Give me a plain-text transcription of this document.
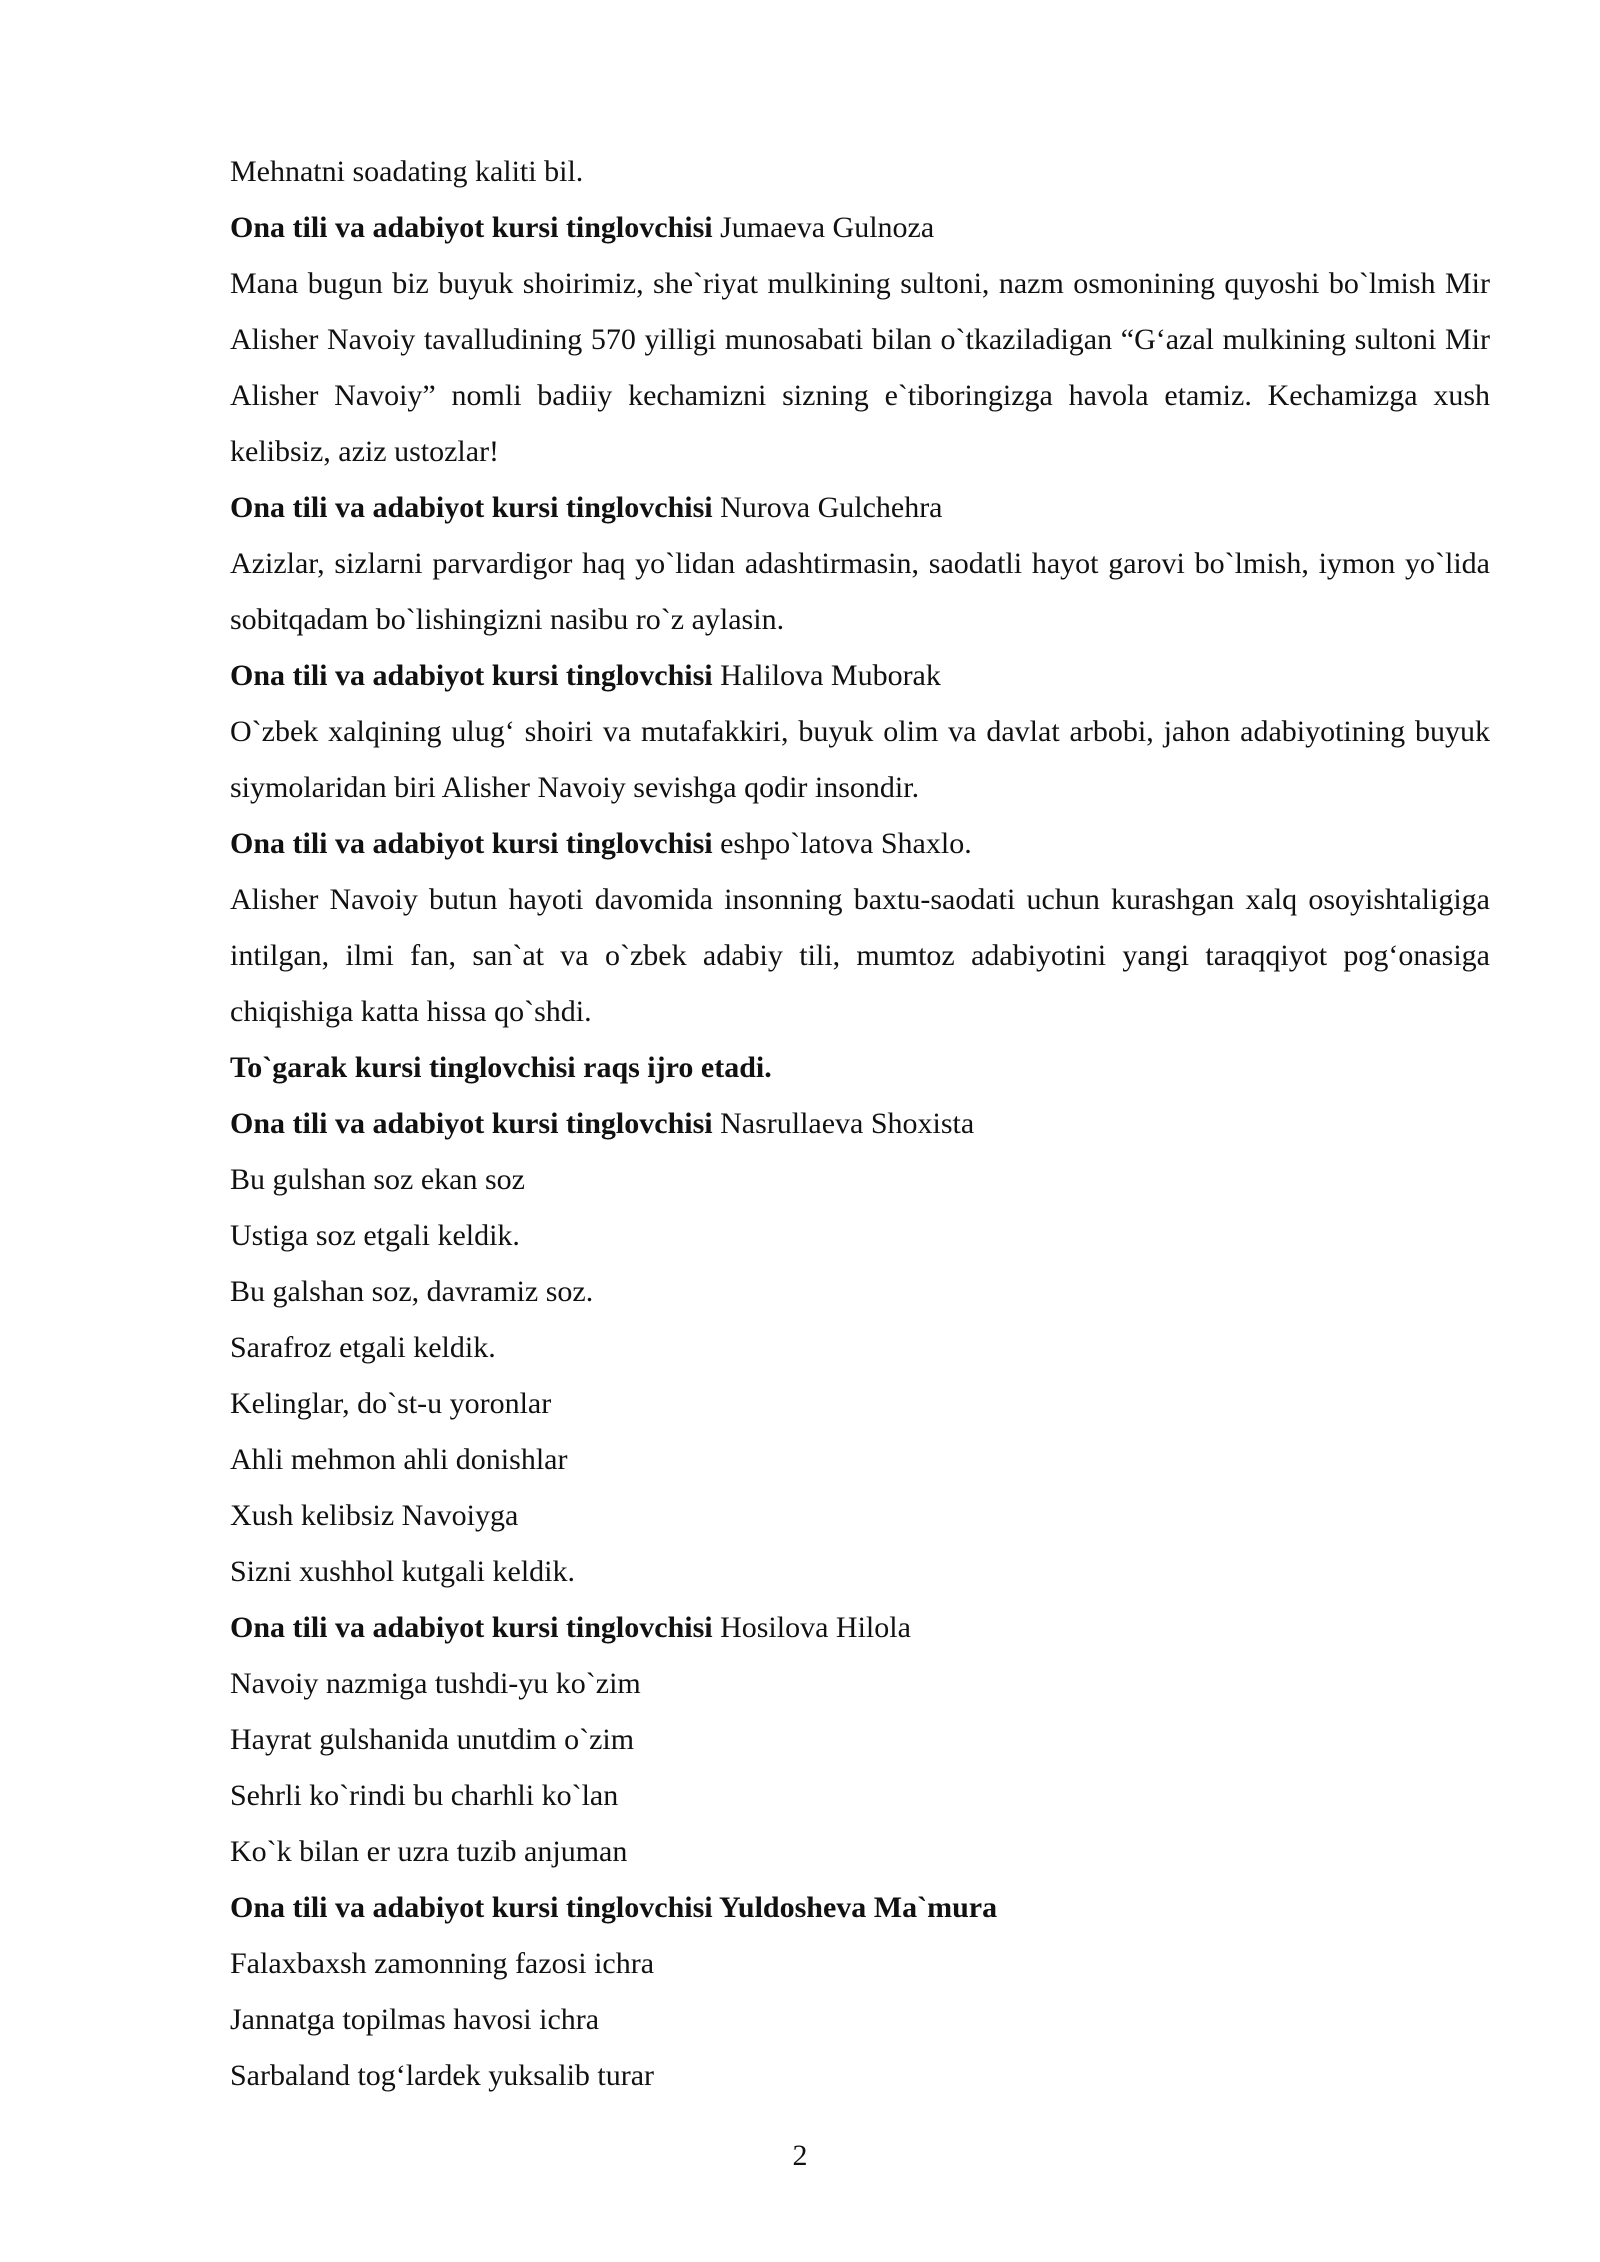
Mehnatni soadating kaliti bil.

Ona tili va adabiyot kursi tinglovchisi Jumaeva Gulnoza

Mana bugun biz buyuk shoirimiz, she`riyat mulkining sultoni, nazm osmonining quyoshi bo`lmish Mir Alisher Navoiy tavalludining 570 yilligi munosabati bilan o`tkaziladigan “G‘azal mulkining sultoni Mir Alisher Navoiy” nomli badiiy kechamizni sizning e`tiboringizga havola etamiz. Kechamizga xush kelibsiz, aziz ustozlar!

Ona tili va adabiyot kursi tinglovchisi Nurova Gulchehra

Azizlar, sizlarni parvardigor haq yo`lidan adashtirmasin, saodatli hayot garovi bo`lmish, iymon yo`lida sobitqadam bo`lishingizni nasibu ro`z aylasin.

Ona tili va adabiyot kursi tinglovchisi Halilova Muborak

O`zbek xalqining ulug‘ shoiri va mutafakkiri, buyuk olim va davlat arbobi, jahon adabiyotining buyuk siymolaridan biri Alisher Navoiy sevishga qodir insondir.

Ona tili va adabiyot kursi tinglovchisi eshpo`latova Shaxlo.

Alisher Navoiy butun hayoti davomida insonning baxtu-saodati uchun kurashgan xalq osoyishtaligiga intilgan, ilmi fan, san`at va o`zbek adabiy tili, mumtoz adabiyotini yangi taraqqiyot pog‘onasiga chiqishiga katta hissa qo`shdi.

To`garak kursi tinglovchisi raqs ijro etadi.

Ona tili va adabiyot kursi tinglovchisi Nasrullaeva Shoxista

Bu gulshan soz ekan soz

Ustiga soz etgali keldik.

Bu galshan soz, davramiz soz.

Sarafroz etgali keldik.

Kelinglar, do`st-u yoronlar

Ahli mehmon ahli donishlar

Xush kelibsiz Navoiyga

Sizni xushhol kutgali keldik.

Ona tili va adabiyot kursi tinglovchisi Hosilova Hilola

Navoiy nazmiga tushdi-yu ko`zim

Hayrat gulshanida unutdim o`zim

Sehrli ko`rindi bu charhli ko`lan

Ko`k bilan er uzra tuzib anjuman

Ona tili va adabiyot kursi tinglovchisi Yuldosheva Ma`mura

Falaxbaxsh zamonning fazosi ichra

Jannatga topilmas havosi ichra

Sarbaland tog‘lardek yuksalib turar

2
